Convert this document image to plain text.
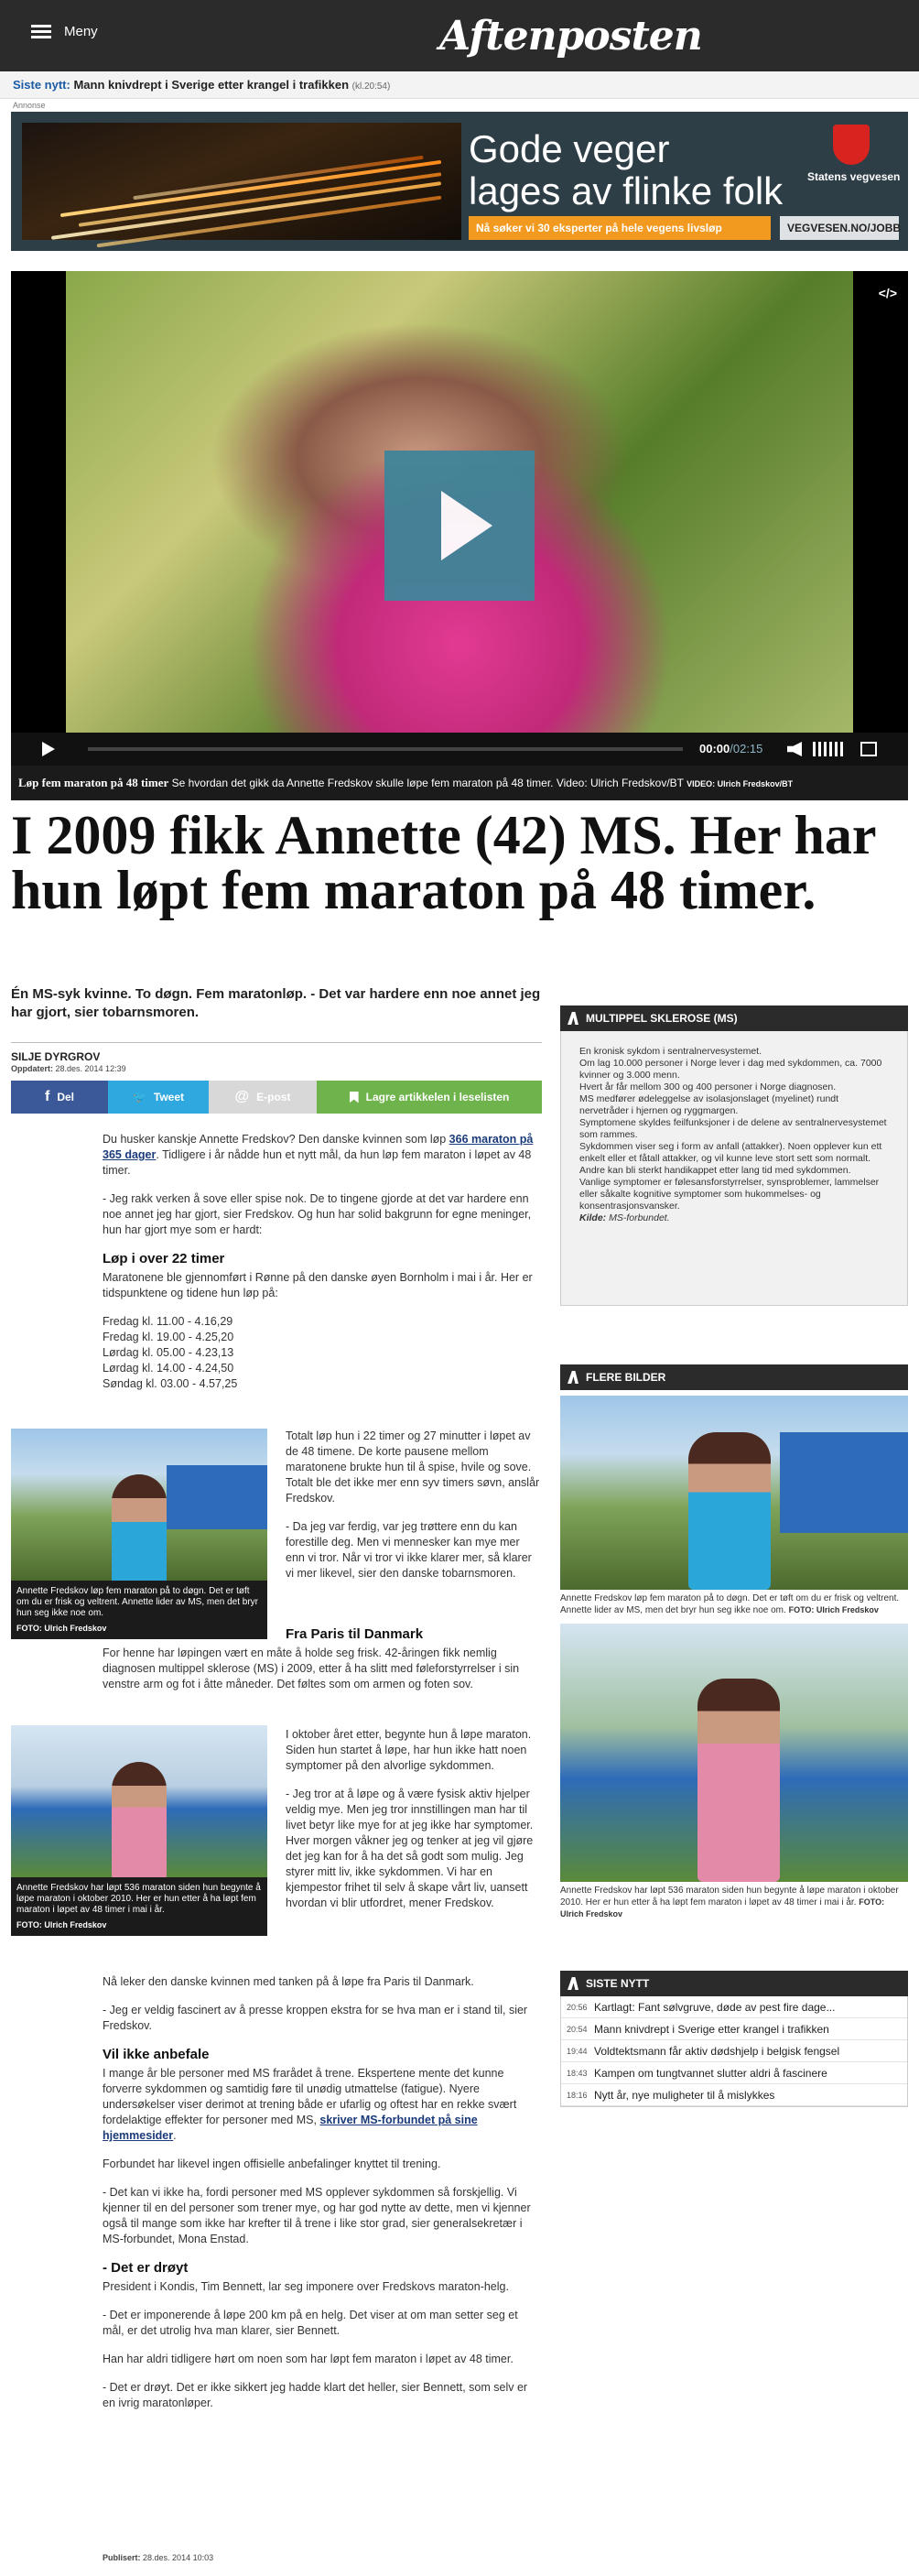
Meny	Aftenposten
Siste nytt: Mann knivdrept i Sverige etter krangel i trafikken (kl.20:54)
Annonse
Gode veger
lages av flinke folk Statens vegvesen
Nå søker vi 30 eksperter på hele vegens livsløp	VEGVESEN.NO/JOBB
</>
00:00/02:15
Løp fem maraton på 48 timer Se hvordan det gikk da Annette Fredskov skulle løpe fem maraton på 48 timer. Video: Ulrich Fredskov/BT VIDEO: Ulrich Fredskov/BT
I 2009 fikk Annette (42) MS. Her har hun løpt fem maraton på 48 timer.
Én MS-syk kvinne. To døgn. Fem maratonløp. - Det var hardere enn noe annet jeg har gjort, sier tobarnsmoren.
SILJE DYRGROV
Oppdatert: 28.des. 2014 12:39
f Del	🐦 Tweet	@ E-post	Lagre artikkelen i leselisten

Du husker kanskje Annette Fredskov? Den danske kvinnen som løp 366 maraton på 365 dager. Tidligere i år nådde hun et nytt mål, da hun løp fem maraton i løpet av 48 timer.

- Jeg rakk verken å sove eller spise nok. De to tingene gjorde at det var hardere enn noe annet jeg har gjort, sier Fredskov. Og hun har solid bakgrunn for egne meninger, hun har gjort mye som er hardt:

Løp i over 22 timer

Maratonene ble gjennomført i Rønne på den danske øyen Bornholm i mai i år. Her er tidspunktene og tidene hun løp på:

Fredag kl. 11.00 - 4.16,29
Fredag kl. 19.00 - 4.25,20
Lørdag kl. 05.00 - 4.23,13
Lørdag kl. 14.00 - 4.24,50
Søndag kl. 03.00 - 4.57,25
Annette Fredskov løp fem maraton på to døgn. Det er tøft om du er frisk og veltrent. Annette lider av MS, men det bryr hun seg ikke noe om.
FOTO: Ulrich Fredskov

Totalt løp hun i 22 timer og 27 minutter i løpet av de 48 timene. De korte pausene mellom maratonene brukte hun til å spise, hvile og sove. Totalt ble det ikke mer enn syv timers søvn, anslår Fredskov.

- Da jeg var ferdig, var jeg trøttere enn du kan forestille deg. Men vi mennesker kan mye mer enn vi tror. Når vi tror vi ikke klarer mer, så klarer vi mer likevel, sier den danske tobarnsmoren.

Fra Paris til Danmark

For henne har løpingen vært en måte å holde seg frisk. 42-åringen fikk nemlig diagnosen multippel sklerose (MS) i 2009, etter å ha slitt med føleforstyrrelser i sin venstre arm og fot i åtte måneder. Det føltes som om armen og foten sov.

Annette Fredskov har løpt 536 maraton siden hun begynte å løpe maraton i oktober 2010. Her er hun etter å ha løpt fem maraton i løpet av 48 timer i mai i år.
FOTO: Ulrich Fredskov

I oktober året etter, begynte hun å løpe maraton. Siden hun startet å løpe, har hun ikke hatt noen symptomer på den alvorlige sykdommen.

- Jeg tror at å løpe og å være fysisk aktiv hjelper veldig mye. Men jeg tror innstillingen man har til livet betyr like mye for at jeg ikke har symptomer. Hver morgen våkner jeg og tenker at jeg vil gjøre det jeg kan for å ha det så godt som mulig. Jeg styrer mitt liv, ikke sykdommen. Vi har en kjempestor frihet til selv å skape vårt liv, uansett hvordan vi blir utfordret, mener Fredskov.

Nå leker den danske kvinnen med tanken på å løpe fra Paris til Danmark.

- Jeg er veldig fascinert av å presse kroppen ekstra for se hva man er i stand til, sier Fredskov.

Vil ikke anbefale

I mange år ble personer med MS frarådet å trene. Ekspertene mente det kunne forverre sykdommen og samtidig føre til unødig utmattelse (fatigue). Nyere undersøkelser viser derimot at trening både er ufarlig og oftest har en rekke svært fordelaktige effekter for personer med MS, skriver MS-forbundet på sine hjemmesider.

Forbundet har likevel ingen offisielle anbefalinger knyttet til trening.

- Det kan vi ikke ha, fordi personer med MS opplever sykdommen så forskjellig. Vi kjenner til en del personer som trener mye, og har god nytte av dette, men vi kjenner også til mange som ikke har krefter til å trene i like stor grad, sier generalsekretær i MS-forbundet, Mona Enstad.

- Det er drøyt

President i Kondis, Tim Bennett, lar seg imponere over Fredskovs maraton-helg.

- Det er imponerende å løpe 200 km på en helg. Det viser at om man setter seg et mål, er det utrolig hva man klarer, sier Bennett.

Han har aldri tidligere hørt om noen som har løpt fem maraton i løpet av 48 timer.

- Det er drøyt. Det er ikke sikkert jeg hadde klart det heller, sier Bennett, som selv er en ivrig maratonløper.

Publisert: 28.des. 2014 10:03
MULTIPPEL SKLEROSE (MS)
En kronisk sykdom i sentralnervesystemet.
Om lag 10.000 personer i Norge lever i dag med sykdommen, ca. 7000 kvinner og 3.000 menn.
Hvert år får mellom 300 og 400 personer i Norge diagnosen.
MS medfører ødeleggelse av isolasjonslaget (myelinet) rundt nervetråder i hjernen og ryggmargen.
Symptomene skyldes feilfunksjoner i de delene av sentralnervesystemet som rammes.
Sykdommen viser seg i form av anfall (attakker). Noen opplever kun ett enkelt eller et fåtall attakker, og vil kunne leve stort sett som normalt. Andre kan bli sterkt handikappet etter lang tid med sykdommen.
Vanlige symptomer er følesansforstyrrelser, synsproblemer, lammelser eller såkalte kognitive symptomer som hukommelses- og konsentrasjonsvansker.
Kilde: MS-forbundet.
FLERE BILDER
Annette Fredskov løp fem maraton på to døgn. Det er tøft om du er frisk og veltrent. Annette lider av MS, men det bryr hun seg ikke noe om. FOTO: Ulrich Fredskov
Annette Fredskov har løpt 536 maraton siden hun begynte å løpe maraton i oktober 2010. Her er hun etter å ha løpt fem maraton i løpet av 48 timer i mai i år. FOTO: Ulrich Fredskov
SISTE NYTT
20:56 Kartlagt: Fant sølvgruve, døde av pest fire dage...
20:54 Mann knivdrept i Sverige etter krangel i trafikken
19:44 Voldtektsmann får aktiv dødshjelp i belgisk fengsel
18:43 Kampen om tungtvannet slutter aldri å fascinere
18:16 Nytt år, nye muligheter til å mislykkes
